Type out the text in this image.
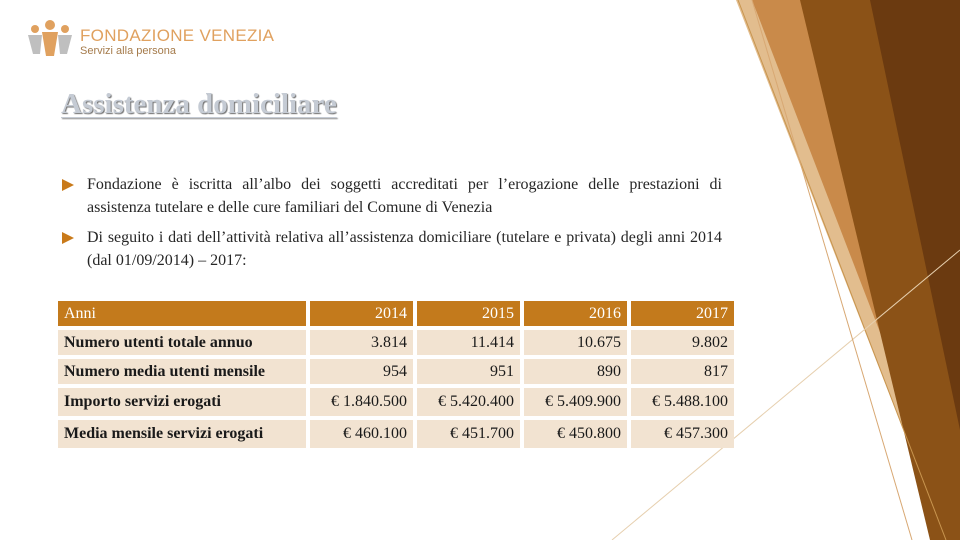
FONDAZIONE VENEZIA
Servizi alla persona
Assistenza domiciliare
Fondazione è iscritta all’albo dei soggetti accreditati per l’erogazione delle prestazioni di assistenza tutelare e delle cure familiari del Comune di Venezia
Di seguito i dati dell’attività relativa all’assistenza domiciliare (tutelare e privata) degli anni 2014 (dal 01/09/2014) – 2017:
Anni	2014	2015	2016	2017
Numero utenti totale annuo	3.814	11.414	10.675	9.802
Numero media utenti mensile	954	951	890	817
Importo servizi erogati	€ 1.840.500	€ 5.420.400	€ 5.409.900	€ 5.488.100
Media mensile servizi erogati	€ 460.100	€ 451.700	€ 450.800	€ 457.300
